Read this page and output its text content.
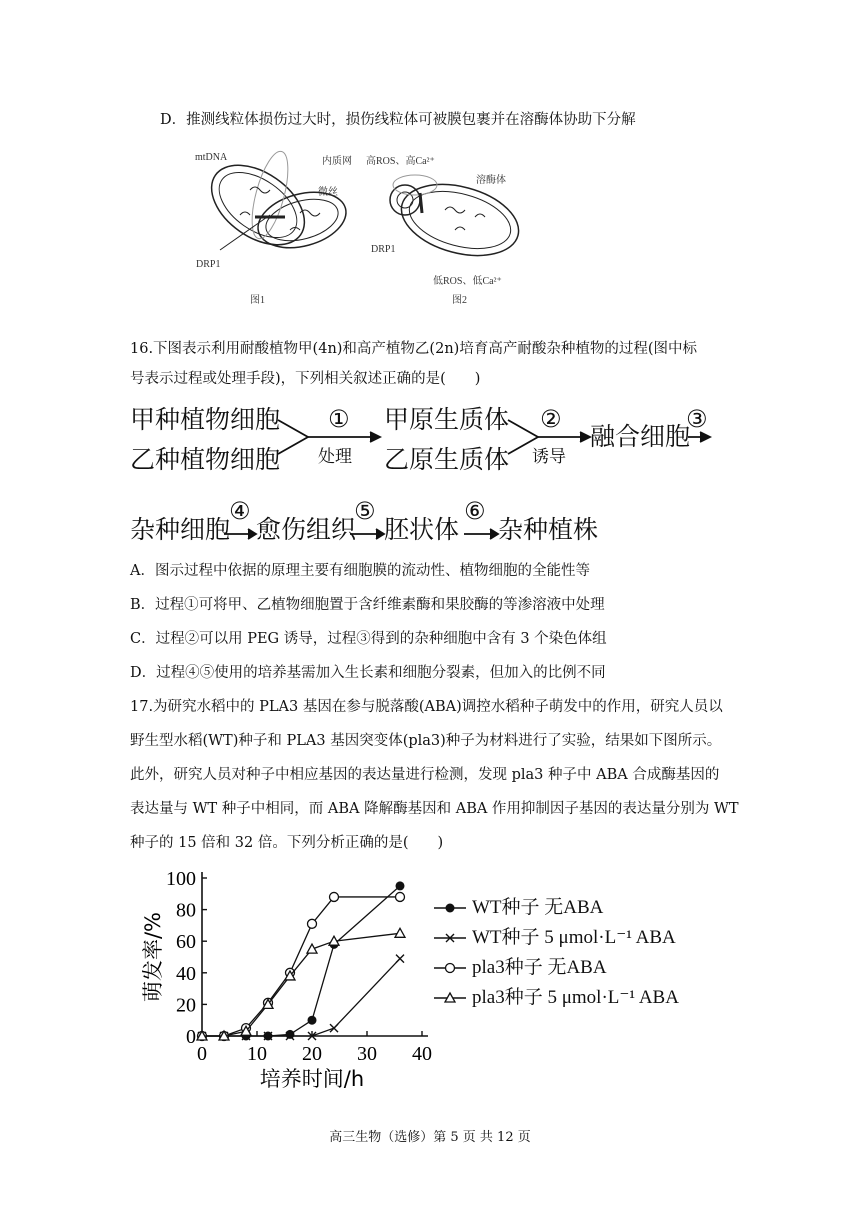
D．推测线粒体损伤过大时，损伤线粒体可被膜包裹并在溶酶体协助下分解
mtDNA	内质网
微丝
DRP1
图1
高ROS、高Ca²⁺
溶酶体
DRP1
低ROS、低Ca²⁺
图2
16.下图表示利用耐酸植物甲(4n)和高产植物乙(2n)培育高产耐酸杂种植物的过程(图中标
号表示过程或处理手段)，下列相关叙述正确的是(　　)
甲种植物细胞
乙种植物细胞
①
处理
甲原生质体
乙原生质体
②
诱导
融合细胞
③
杂种细胞
④
愈伤组织
⑤
胚状体
⑥
杂种植株
A．图示过程中依据的原理主要有细胞膜的流动性、植物细胞的全能性等
B．过程①可将甲、乙植物细胞置于含纤维素酶和果胶酶的等渗溶液中处理
C．过程②可以用 PEG 诱导，过程③得到的杂种细胞中含有 3 个染色体组
D．过程④⑤使用的培养基需加入生长素和细胞分裂素，但加入的比例不同
17.为研究水稻中的 PLA3 基因在参与脱落酸(ABA)调控水稻种子萌发中的作用，研究人员以
野生型水稻(WT)种子和 PLA3 基因突变体(pla3)种子为材料进行了实验，结果如下图所示。
此外，研究人员对种子中相应基因的表达量进行检测，发现 pla3 种子中 ABA 合成酶基因的
表达量与 WT 种子中相同，而 ABA 降解酶基因和 ABA 作用抑制因子基因的表达量分别为 WT
种子的 15 倍和 32 倍。下列分析正确的是(　　)
0
20
40
60
80
100
0 10 20 30 40
培养时间/h
萌发率/%
WT种子 无ABA
WT种子 5 μmol·L⁻¹ ABA
pla3种子 无ABA
pla3种子 5 μmol·L⁻¹ ABA
高三生物（选修）第 5 页 共 12 页
